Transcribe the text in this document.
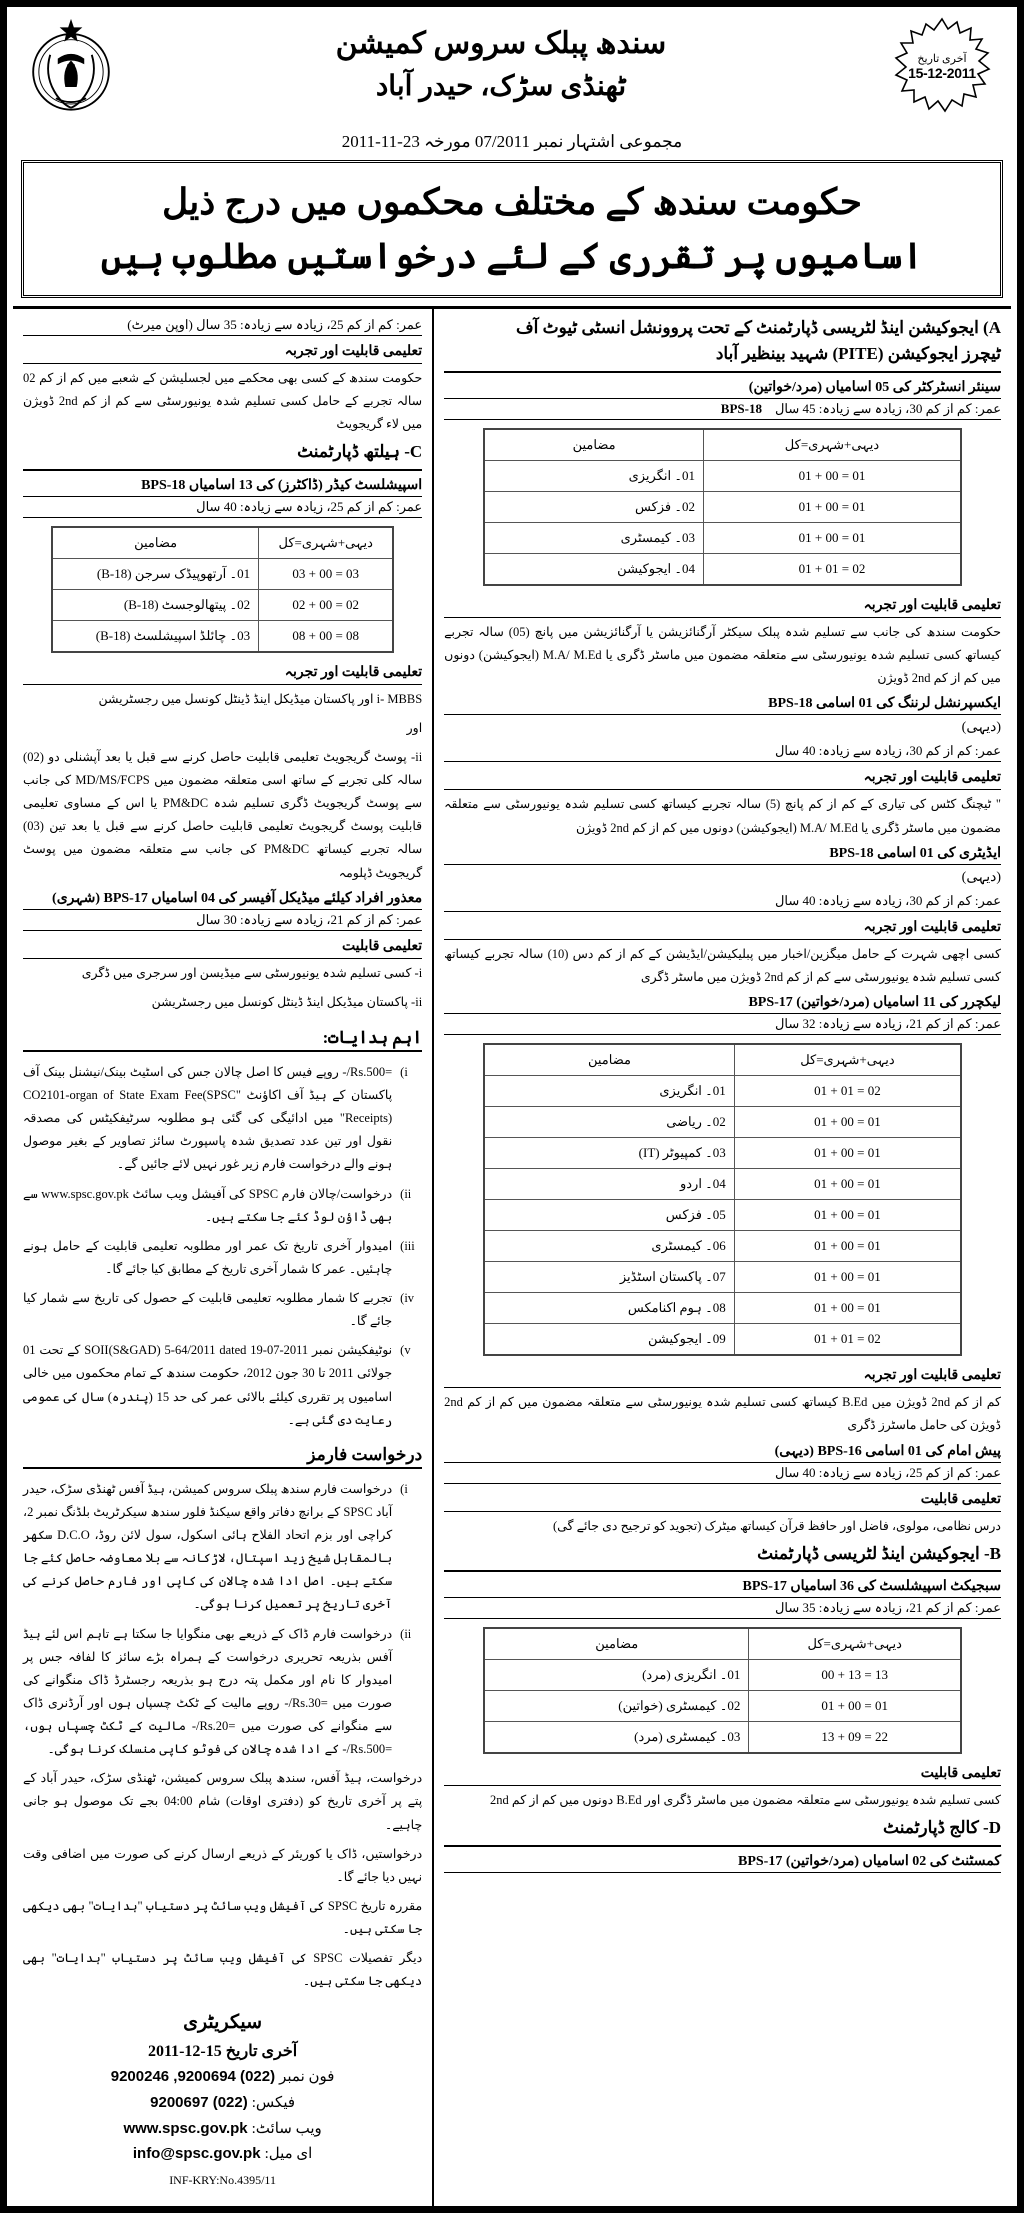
آخری تاریخ
15-12-2011
سندھ پبلک سروس کمیشن
ٹھنڈی سڑک، حیدر آباد
مجموعی اشتہار نمبر 07/2011 مورخہ 23-11-2011
حکومت سندھ کے مختلف محکموں میں درج ذیل
اسامیوں پر تقرری کے لئے درخواستیں مطلوب ہیں
A) ایجوکیشن اینڈ لٹریسی ڈپارٹمنٹ کے تحت پروونشل انسٹی ٹیوٹ آف
ٹیچرز ایجوکیشن (PITE) شہید بینظیر آباد
سینئر انسٹرکٹر کی 05 اسامیاں (مرد/خواتین)
عمر: کم از کم 30، زیادہ سے زیادہ: 45 سال    BPS-18
دیہی+شہری=کل	مضامین
01 = 00 + 01	01۔ انگریزی
01 = 00 + 01	02۔ فزکس
01 = 00 + 01	03۔ کیمسٹری
02 = 01 + 01	04۔ ایجوکیشن
تعلیمی قابلیت اور تجربہ
حکومت سندھ کی جانب سے تسلیم شدہ پبلک سیکٹر آرگنائزیشن یا آرگنائزیشن میں پانچ (05) سالہ تجربے کیساتھ کسی تسلیم شدہ یونیورسٹی سے متعلقہ مضمون میں ماسٹر ڈگری یا M.A/ M.Ed (ایجوکیشن) دونوں میں کم از کم 2nd ڈویژن
ایکسپرنشل لرننگ کی 01 اسامی BPS-18
(دیہی)
عمر: کم از کم 30، زیادہ سے زیادہ: 40 سال
تعلیمی قابلیت اور تجربہ
" ٹیچنگ کٹس کی تیاری کے کم از کم پانچ (5) سالہ تجربے کیساتھ کسی تسلیم شدہ یونیورسٹی سے متعلقہ مضمون میں ماسٹر ڈگری یا M.A/ M.Ed (ایجوکیشن) دونوں میں کم از کم 2nd ڈویژن
ایڈیٹری کی 01 اسامی BPS-18
(دیہی)
عمر: کم از کم 30، زیادہ سے زیادہ: 40 سال
تعلیمی قابلیت اور تجربہ
کسی اچھی شہرت کے حامل میگزین/اخبار میں پبلیکیشن/ایڈیشن کے کم از کم دس (10) سالہ تجربے کیساتھ کسی تسلیم شدہ یونیورسٹی سے کم از کم 2nd ڈویژن میں ماسٹر ڈگری
لیکچرر کی 11 اسامیاں (مرد/خواتین) BPS-17
عمر: کم از کم 21، زیادہ سے زیادہ: 32 سال
دیہی+شہری=کل	مضامین
02 = 01 + 01	01۔ انگریزی
01 = 00 + 01	02۔ ریاضی
01 = 00 + 01	03۔ کمپیوٹر (IT)
01 = 00 + 01	04۔ اردو
01 = 00 + 01	05۔ فزکس
01 = 00 + 01	06۔ کیمسٹری
01 = 00 + 01	07۔ پاکستان اسٹڈیز
01 = 00 + 01	08۔ ہوم اکنامکس
02 = 01 + 01	09۔ ایجوکیشن
تعلیمی قابلیت اور تجربہ
کم از کم 2nd ڈویژن میں B.Ed کیساتھ کسی تسلیم شدہ یونیورسٹی سے متعلقہ مضمون میں کم از کم 2nd ڈویژن کی حامل ماسٹرز ڈگری
پیش امام کی 01 اسامی BPS-16 (دیہی)
عمر: کم از کم 25، زیادہ سے زیادہ: 40 سال
تعلیمی قابلیت
درس نظامی، مولوی، فاضل اور حافظ قرآن کیساتھ میٹرک (تجوید کو ترجیح دی جائے گی)
B- ایجوکیشن اینڈ لٹریسی ڈپارٹمنٹ
سبجیکٹ اسپیشلسٹ کی 36 اسامیاں BPS-17
عمر: کم از کم 21، زیادہ سے زیادہ: 35 سال
دیہی+شہری=کل	مضامین
13 = 13 + 00	01۔ انگریزی (مرد)
01 = 00 + 01	02۔ کیمسٹری (خواتین)
22 = 09 + 13	03۔ کیمسٹری (مرد)
تعلیمی قابلیت
کسی تسلیم شدہ یونیورسٹی سے متعلقہ مضمون میں ماسٹر ڈگری اور B.Ed دونوں میں کم از کم 2nd
D- کالج ڈپارٹمنٹ
کمسٹنٹ کی 02 اسامیاں (مرد/خواتین) BPS-17
عمر: کم از کم 25، زیادہ سے زیادہ: 35 سال (اوپن میرٹ)
تعلیمی قابلیت اور تجربہ
حکومت سندھ کے کسی بھی محکمے میں لجسلیشن کے شعبے میں کم از کم 02 سالہ تجربے کے حامل کسی تسلیم شدہ یونیورسٹی سے کم از کم 2nd ڈویژن میں لاء گریجویٹ
C- ہیلتھ ڈپارٹمنٹ
اسپیشلسٹ کیڈر (ڈاکٹرز) کی 13 اسامیاں BPS-18
عمر: کم از کم 25، زیادہ سے زیادہ: 40 سال
دیہی+شہری=کل	مضامین
03 = 00 + 03	01۔ آرتھوپیڈک سرجن (B-18)
02 = 00 + 02	02۔ پیتھالوجسٹ (B-18)
08 = 00 + 08	03۔ چائلڈ اسپیشلسٹ (B-18)
تعلیمی قابلیت اور تجربہ
i- MBBS اور پاکستان میڈیکل اینڈ ڈینٹل کونسل میں رجسٹریشن
اور
ii- پوسٹ گریجویٹ تعلیمی قابلیت حاصل کرنے سے قبل یا بعد آپشنلی دو (02) سالہ کلی تجربے کے ساتھ اسی متعلقہ مضمون میں MD/MS/FCPS کی جانب سے پوسٹ گریجویٹ ڈگری تسلیم شدہ PM&DC یا اس کے مساوی تعلیمی قابلیت پوسٹ گریجویٹ تعلیمی قابلیت حاصل کرنے سے قبل یا بعد تین (03) سالہ تجربے کیساتھ PM&DC کی جانب سے متعلقہ مضمون میں پوسٹ گریجویٹ ڈپلومہ
معذور افراد کیلئے میڈیکل آفیسر کی 04 اسامیاں BPS-17 (شہری)
عمر: کم از کم 21، زیادہ سے زیادہ: 30 سال
تعلیمی قابلیت
i- کسی تسلیم شدہ یونیورسٹی سے میڈیسن اور سرجری میں ڈگری
ii- پاکستان میڈیکل اینڈ ڈینٹل کونسل میں رجسٹریشن
اہم ہدایات:
(i
=Rs.500/- روپے فیس کا اصل چالان جس کی اسٹیٹ بینک/نیشنل بینک آف پاکستان کے ہیڈ آف اکاؤنٹ "CO2101-organ of State Exam Fee(SPSC Receipts)" میں ادائیگی کی گئی ہو مطلوبہ سرٹیفکیٹس کی مصدقہ نقول اور تین عدد تصدیق شدہ پاسپورٹ سائز تصاویر کے بغیر موصول ہونے والے درخواست فارم زیر غور نہیں لائے جائیں گے۔
(ii
درخواست/چالان فارم SPSC کی آفیشل ویب سائٹ www.spsc.gov.pk سے بھی ڈاؤن لوڈ کئے جا سکتے ہیں۔
(iii
امیدوار آخری تاریخ تک عمر اور مطلوبہ تعلیمی قابلیت کے حامل ہونے چاہئیں۔ عمر کا شمار آخری تاریخ کے مطابق کیا جائے گا۔
(iv
تجربے کا شمار مطلوبہ تعلیمی قابلیت کے حصول کی تاریخ سے شمار کیا جائے گا۔
(v
نوٹیفکیشن نمبر SOII(S&GAD) 5-64/2011 dated 19-07-2011 کے تحت 01 جولائی 2011 تا 30 جون 2012، حکومت سندھ کے تمام محکموں میں خالی اسامیوں پر تقرری کیلئے بالائی عمر کی حد 15 (پندرہ) سال کی عمومی رعایت دی گئی ہے۔
درخواست فارمز
(i
درخواست فارم سندھ پبلک سروس کمیشن، ہیڈ آفس ٹھنڈی سڑک، حیدر آباد SPSC کے برانچ دفاتر واقع سیکنڈ فلور سندھ سیکرٹریٹ بلڈنگ نمبر 2، کراچی اور بزم اتحاد الفلاح ہائی اسکول، سول لائن روڈ، D.C.O سکھر بالمقابل شیخ زید اسپتال، لاڑکانہ سے بلا معاوضہ حاصل کئے جا سکتے ہیں۔ اصل ادا شدہ چالان کی کاپی اور فارم حاصل کرنے کی آخری تاریخ پر تعمیل کرنا ہوگی۔
(ii
درخواست فارم ڈاک کے ذریعے بھی منگوایا جا سکتا ہے تاہم اس لئے ہیڈ آفس بذریعہ تحریری درخواست کے ہمراہ بڑے سائز کا لفافہ جس پر امیدوار کا نام اور مکمل پتہ درج ہو بذریعہ رجسٹرڈ ڈاک منگوانے کی صورت میں =Rs.30/- روپے مالیت کے ٹکٹ چسپاں ہوں اور آرڈنری ڈاک سے منگوانے کی صورت میں =Rs.20/- مالیت کے ٹکٹ چسپاں ہوں، =Rs.500/- کے ادا شدہ چالان کی فوٹو کاپی منسلک کرنا ہوگی۔
درخواست، ہیڈ آفس، سندھ پبلک سروس کمیشن، ٹھنڈی سڑک، حیدر آباد کے پتے پر آخری تاریخ کو (دفتری اوقات) شام 04:00 بجے تک موصول ہو جانی چاہیے۔
درخواستیں، ڈاک یا کوریئر کے ذریعے ارسال کرنے کی صورت میں اضافی وقت نہیں دیا جائے گا۔
مقررہ تاریخ SPSC کی آفیشل ویب سائٹ پر دستیاب "ہدایات" بھی دیکھی جا سکتی ہیں۔
دیگر تفصیلات SPSC کی آفیشل ویب سائٹ پر دستیاب "ہدایات" بھی دیکھی جا سکتی ہیں۔
سیکریٹری
آخری تاریخ 15-12-2011
فون نمبر (022) 9200694, 9200246
فیکس: (022) 9200697
ویب سائٹ: www.spsc.gov.pk
ای میل: info@spsc.gov.pk
INF-KRY:No.4395/11
